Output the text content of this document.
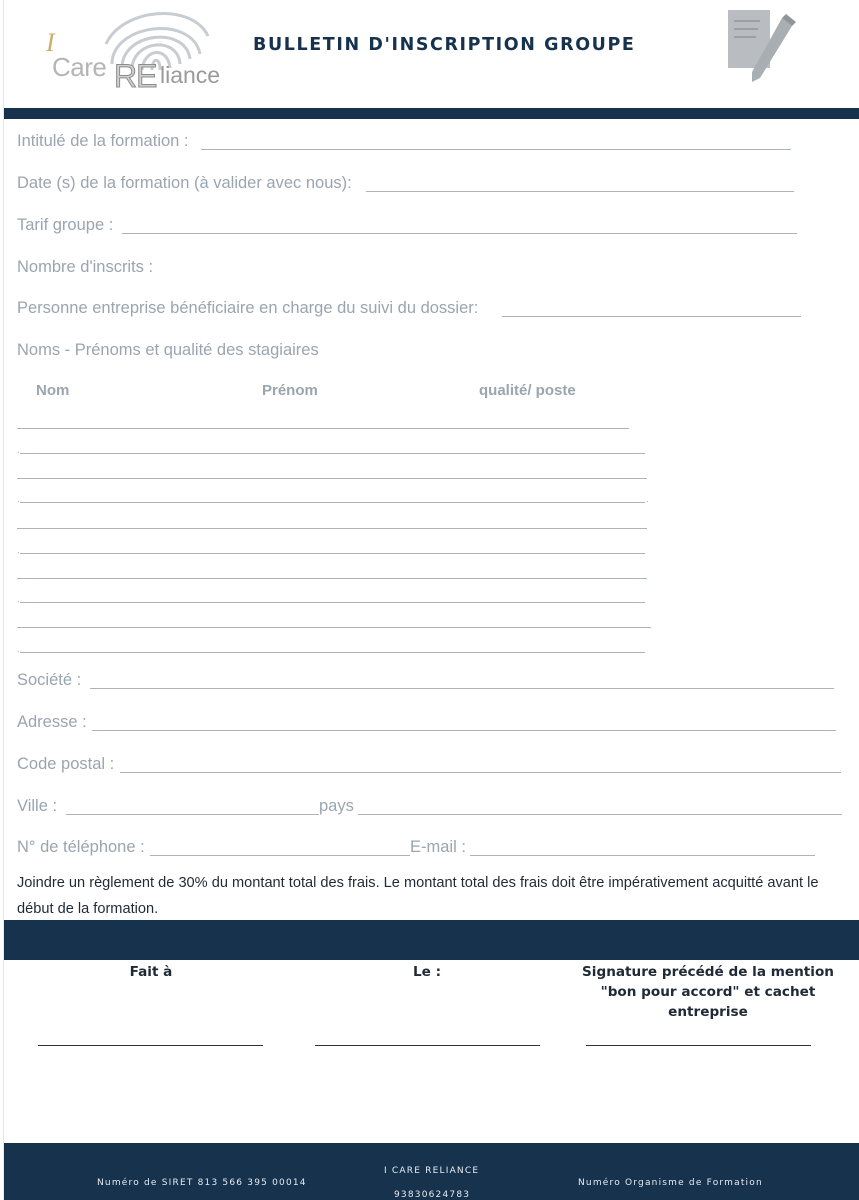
I
Care RE liance
BULLETIN D'INSCRIPTION GROUPE
Intitulé de la formation :
Date (s) de la formation (à valider avec nous):
Tarif groupe :
Nombre d'inscrits :
Personne entreprise bénéficiaire en charge du suivi du dossier:
Noms - Prénoms et qualité des stagiaires
Nom	Prénom	qualité/ poste
.
.	.
.
.
.
Société :
Adresse :
Code postal :
Ville :	pays
N° de téléphone :	E-mail :
Joindre un règlement de 30% du montant total des frais. Le montant total des frais doit être impérativement acquitté avant le début de la formation.
Fait à	Le :	Signature précédé de la mention "bon pour accord" et cachet entreprise
Numéro de SIRET 813 566 395 00014
I CARE RELIANCE
93830624783
Numéro Organisme de Formation
